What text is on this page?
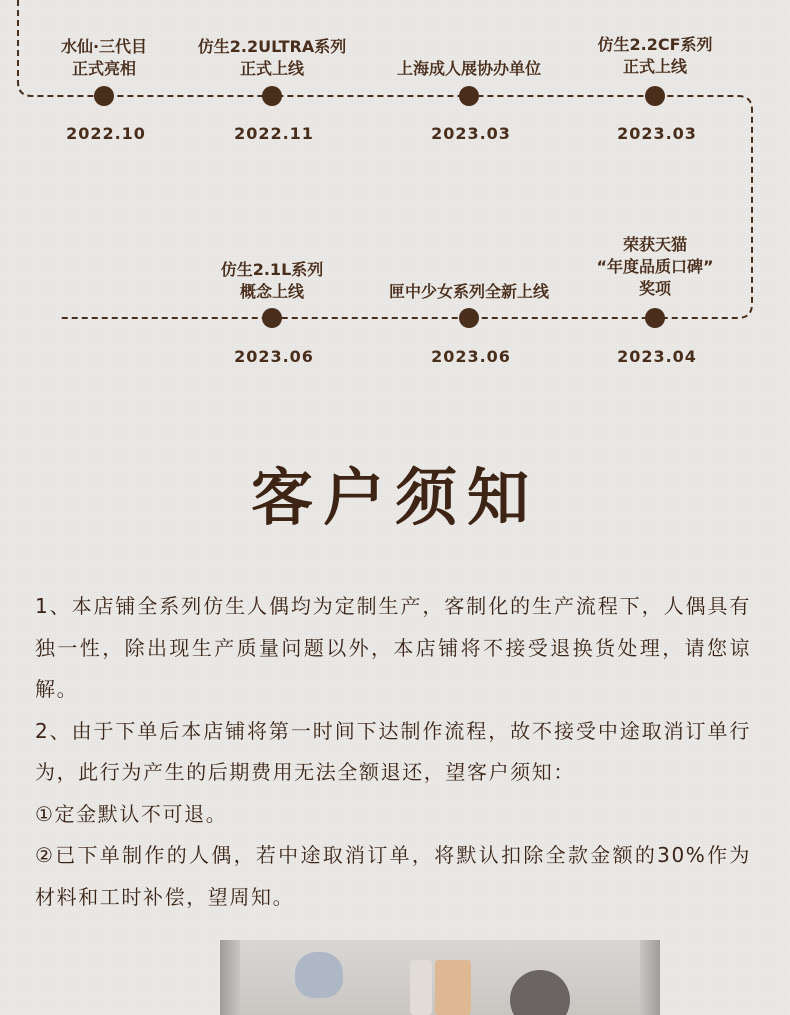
水仙·三代目
正式亮相
仿生2.2ULTRA系列
正式上线	上海成人展协办单位
仿生2.2CF系列
正式上线
2022.10	2022.11	2023.03	2023.03
仿生2.1L系列
概念上线	匣中少女系列全新上线
荣获天猫
“年度品质口碑”
奖项
2023.06	2023.06	2023.04
客户须知

1、本店铺全系列仿生人偶均为定制生产，客制化的生产流程下，人偶具有独一性，除出现生产质量问题以外，本店铺将不接受退换货处理，请您谅解。

2、由于下单后本店铺将第一时间下达制作流程，故不接受中途取消订单行为，此行为产生的后期费用无法全额退还，望客户须知：

①定金默认不可退。

②已下单制作的人偶，若中途取消订单，将默认扣除全款金额的30%作为材料和工时补偿，望周知。
